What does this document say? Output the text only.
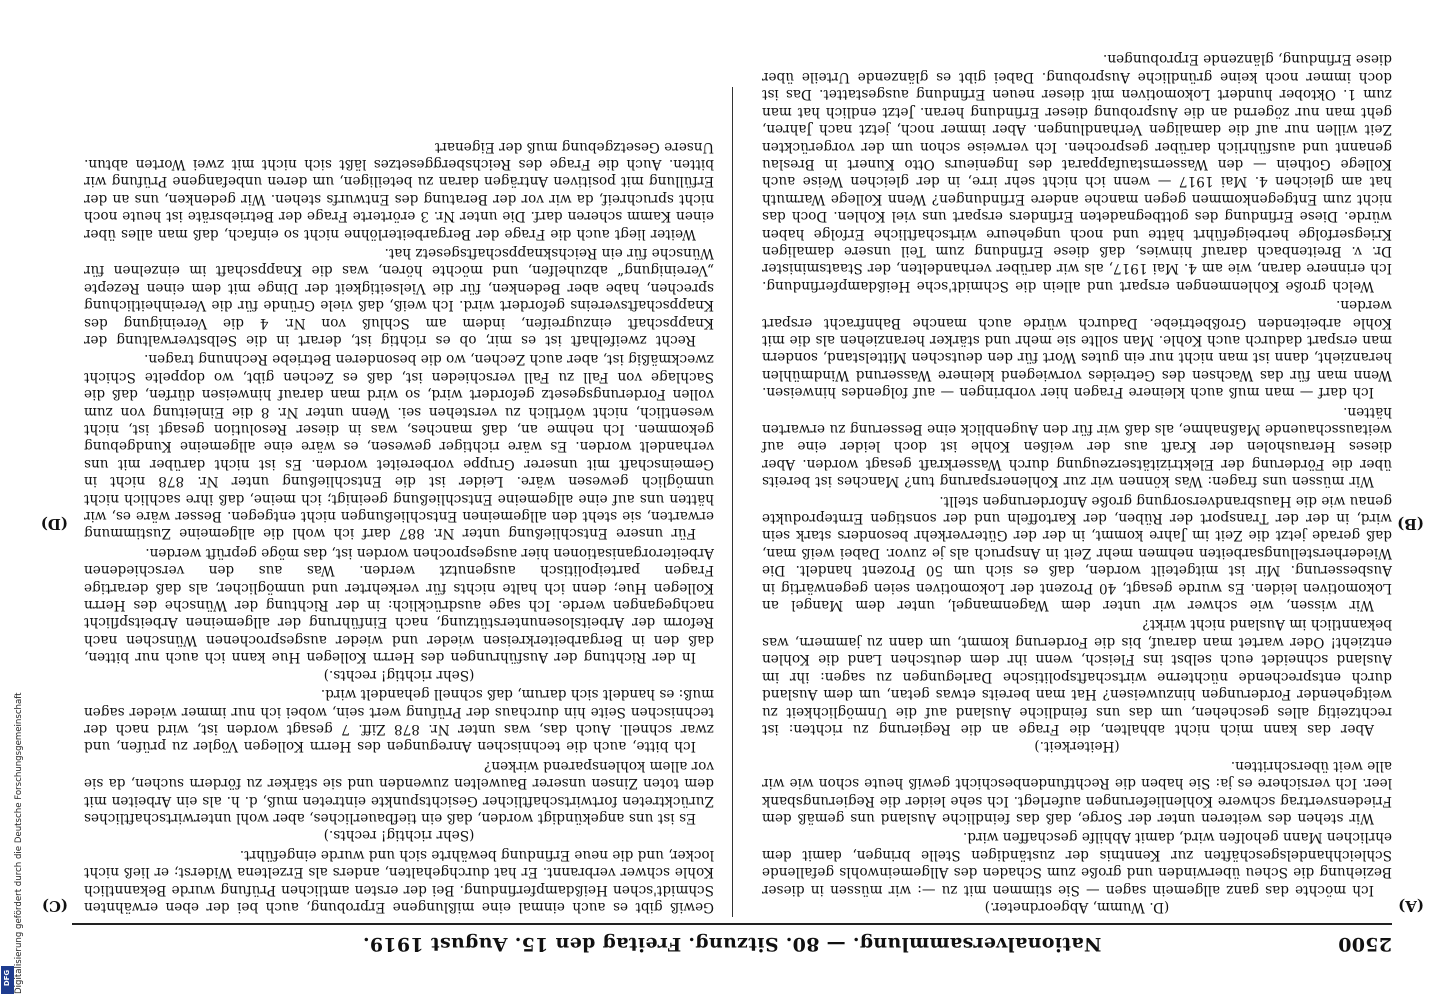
2500
Nationalversammlung. — 80. Sitzung. Freitag den 15. August 1919.
(A)
(B)
(C)
(D)

(D. Wumm, Abgeordneter.)

Ich möchte das ganz allgemein sagen — Sie stimmen mit zu —: wir müssen in dieser Beziehung die Scheu überwinden und große zum Schaden des Allgemeinwohls gefallende Schleichhandelsgeschäften zur Kenntnis der zuständigen Stelle bringen, damit dem ehrlichen Mann geholfen wird, damit Abhilfe geschaffen wird.

Wir stehen des weiteren unter der Sorge, daß das feindliche Ausland uns gemäß dem Friedensvertrag schwere Kohlenlieferungen auferlegt. Ich sehe leider die Regierungsbank leer. Ich versichere es ja: Sie haben die Rechtfundenbeschicht gewiß heute schon wie wir alle weit überschritten.

(Heiterkeit.)

Aber das kann mich nicht abhalten, die Frage an die Regierung zu richten: ist rechtzeitig alles geschehen, um das uns feindliche Ausland auf die Unmöglichkeit zu weitgehender Forderungen hinzuweisen? Hat man bereits etwas getan, um dem Ausland durch entsprechende nüchterne wirtschaftspolitische Darlegungen zu sagen: ihr im Ausland schneidet euch selbst ins Fleisch, wenn ihr dem deutschen Land die Kohlen entzieht! Oder wartet man darauf, bis die Forderung kommt, um dann zu jammern, was bekanntlich im Ausland nicht wirkt?

Wir wissen, wie schwer wir unter dem Wagenmangel, unter dem Mangel an Lokomotiven leiden. Es wurde gesagt, 40 Prozent der Lokomotiven seien gegenwärtig in Ausbesserung. Mir ist mitgeteilt worden, daß es sich um 50 Prozent handelt. Die Wiederherstellungsarbeiten nehmen mehr Zeit in Anspruch als je zuvor. Dabei weiß man, daß gerade jetzt die Zeit im Jahre kommt, in der der Güterverkehr besonders stark sein wird, in der der Transport der Rüben, der Kartoffeln und der sonstigen Ernteprodukte genau wie die Hausbrandversorgung große Anforderungen stellt.

Wir müssen uns fragen: Was können wir zur Kohlenersparung tun? Manches ist bereits über die Förderung der Elektrizitätserzeugung durch Wasserkraft gesagt worden. Aber dieses Herausholen der Kraft aus der weißen Kohle ist doch leider eine auf weitausschauende Maßnahme, als daß wir für den Augenblick eine Besserung zu erwarten hätten.

Ich darf — man muß auch kleinere Fragen hier vorbringen — auf folgendes hinweisen. Wenn man für das Wachsen des Getreides vorwiegend kleinere Wasserund Windmühlen heranzieht, dann ist man nicht nur ein gutes Wort für den deutschen Mittelstand, sondern man erspart dadurch auch Kohle. Man sollte sie mehr und stärker heranziehen als die mit Kohle arbeitenden Großbetriebe. Dadurch würde auch manche Bahnfracht erspart werden.

Welch große Kohlenmengen erspart und allein die Schmidt'sche Heißdampferfindung. Ich erinnere daran, wie am 4. Mai 1917, als wir darüber verhandelten, der Staatsminister Dr. v. Breitenbach darauf hinwies, daß diese Erfindung zum Teil unsere damaligen Kriegserfolge herbeigeführt hätte und noch ungeheure wirtschaftliche Erfolge haben würde. Diese Erfindung des gottbegnadeten Erfinders erspart uns viel Kohlen. Doch das nicht zum Entgegenkommen gegen manche andere Erfindungen? Wenn Kollege Warmuth hat am gleichen 4. Mai 1917 — wenn ich nicht sehr irre, in der gleichen Weise auch Kollege Gothein — den Wassernstaufapparat des Ingenieurs Otto Kunert in Breslau genannt und ausführlich darüber gesprochen. Ich verweise schon um der vorgerückten Zeit willen nur auf die damaligen Verhandlungen. Aber immer noch, jetzt nach Jahren, geht man nur zögernd an die Ausprobung dieser Erfindung heran. Jetzt endlich hat man zum 1. Oktober hundert Lokomotiven mit dieser neuen Erfindung ausgestattet. Das ist doch immer noch keine gründliche Ausprobung. Dabei gibt es glänzende Urteile über diese Erfindung, glänzende Erprobungen.

Gewiß gibt es auch einmal eine mißlungene Erprobung, auch bei der eben erwähnten Schmidt'schen Heißdampferfindung. Bei der ersten amtlichen Prüfung wurde Bekanntlich Kohle schwer verbrannt. Er hat durchgehalten, anders als Erzeltena Widerst; er ließ nicht locker, und die neue Erfindung bewährte sich und wurde eingeführt.

(Sehr richtig! rechts.)

Es ist uns angekündigt worden, daß ein tiefbauerliches, aber wohl unterwirtschaftliches Zurücktreten fortwirtschaftlicher Gesichtspunkte eintreten muß, d. h. als ein Arbeiten mit dem toten Zinsen unserer Bauwelten zuwenden und sie stärker zu fördern suchen, da sie vor allem kohlensparend wirken?

Ich bitte, auch die technischen Anregungen des Herrn Kollegen Vögler zu prüfen, und zwar schnell. Auch das, was unter Nr. 878 Ziff. 7 gesagt worden ist, wird nach der technischen Seite hin durchaus der Prüfung wert sein, wobei ich nur immer wieder sagen muß: es handelt sich darum, daß schnell gehandelt wird.

(Sehr richtig! rechts.)

In der Richtung der Ausführungen des Herrn Kollegen Hue kann ich auch nur bitten, daß den in Bergarbeiterkreisen wieder und wieder ausgesprochenen Wünschen nach Reform der Arbeitslosenunterstützung, nach Einführung der allgemeinen Arbeitspflicht nachgegangen werde. Ich sage ausdrücklich: in der Richtung der Wünsche des Herrn Kollegen Hue; denn ich halte nichts für verkehrter und unmöglicher, als daß derartige Fragen parteipolitisch ausgenutzt werden. Was aus den verschiedenen Arbeiterorganisationen hier ausgesprochen worden ist, das möge geprüft werden.

Für unsere Entschließung unter Nr. 887 darf ich wohl die allgemeine Zustimmung erwarten, sie steht den allgemeinen Entschließungen nicht entgegen. Besser wäre es, wir hätten uns auf eine allgemeine Entschließung geeinigt; ich meine, daß ihre sachlich nicht unmöglich gewesen wäre. Leider ist die Entschließung unter Nr. 878 nicht in Gemeinschaft mit unserer Gruppe vorbereitet worden. Es ist nicht darüber mit uns verhandelt worden. Es wäre richtiger gewesen, es wäre eine allgemeine Kundgebung gekommen. Ich nehme an, daß manches, was in dieser Resolution gesagt ist, nicht wesentlich, nicht wörtlich zu verstehen sei. Wenn unter Nr. 8 die Einleitung von zum vollen Forderungsgesetz gefordert wird, so wird man darauf hinweisen dürfen, daß die Sachlage von Fall zu Fall verschieden ist, daß es Zechen gibt, wo doppelte Schicht zweckmäßig ist, aber auch Zechen, wo die besonderen Betriebe Rechnung tragen.

Recht zweifelhaft ist es mir, ob es richtig ist, derart in die Selbstverwaltung der Knappschaft einzugreifen, indem am Schluß von Nr. 4 die Vereinigung des Knappschaftsvereins gefordert wird. Ich weiß, daß viele Gründe für die Vereinheitlichung sprechen, habe aber Bedenken, für die Vielseitigkeit der Dinge mit dem einen Rezepte „Vereinigung“ abzuhelfen, und möchte hören, was die Knappschaft im einzelnen für Wünsche für ein Reichsknappschaftsgesetz hat.

Weiter liegt auch die Frage der Bergarbeiterlöhne nicht so einfach, daß man alles über einen Kamm scheren darf. Die unter Nr. 3 erörterte Frage der Betriebsräte ist heute noch nicht spruchreif, da wir vor der Beratung des Entwurfs stehen. Wir gedenken, uns an der Erfüllung mit positiven Anträgen daran zu beteiligen, um deren unbefangene Prüfung wir bitten. Auch die Frage des Reichsberggesetzes läßt sich nicht mit zwei Worten abtun. Unsere Gesetzgebung muß der Eigenart

Digitalisierung gefördert durch die Deutsche Forschungsgemeinschaft
DFG
